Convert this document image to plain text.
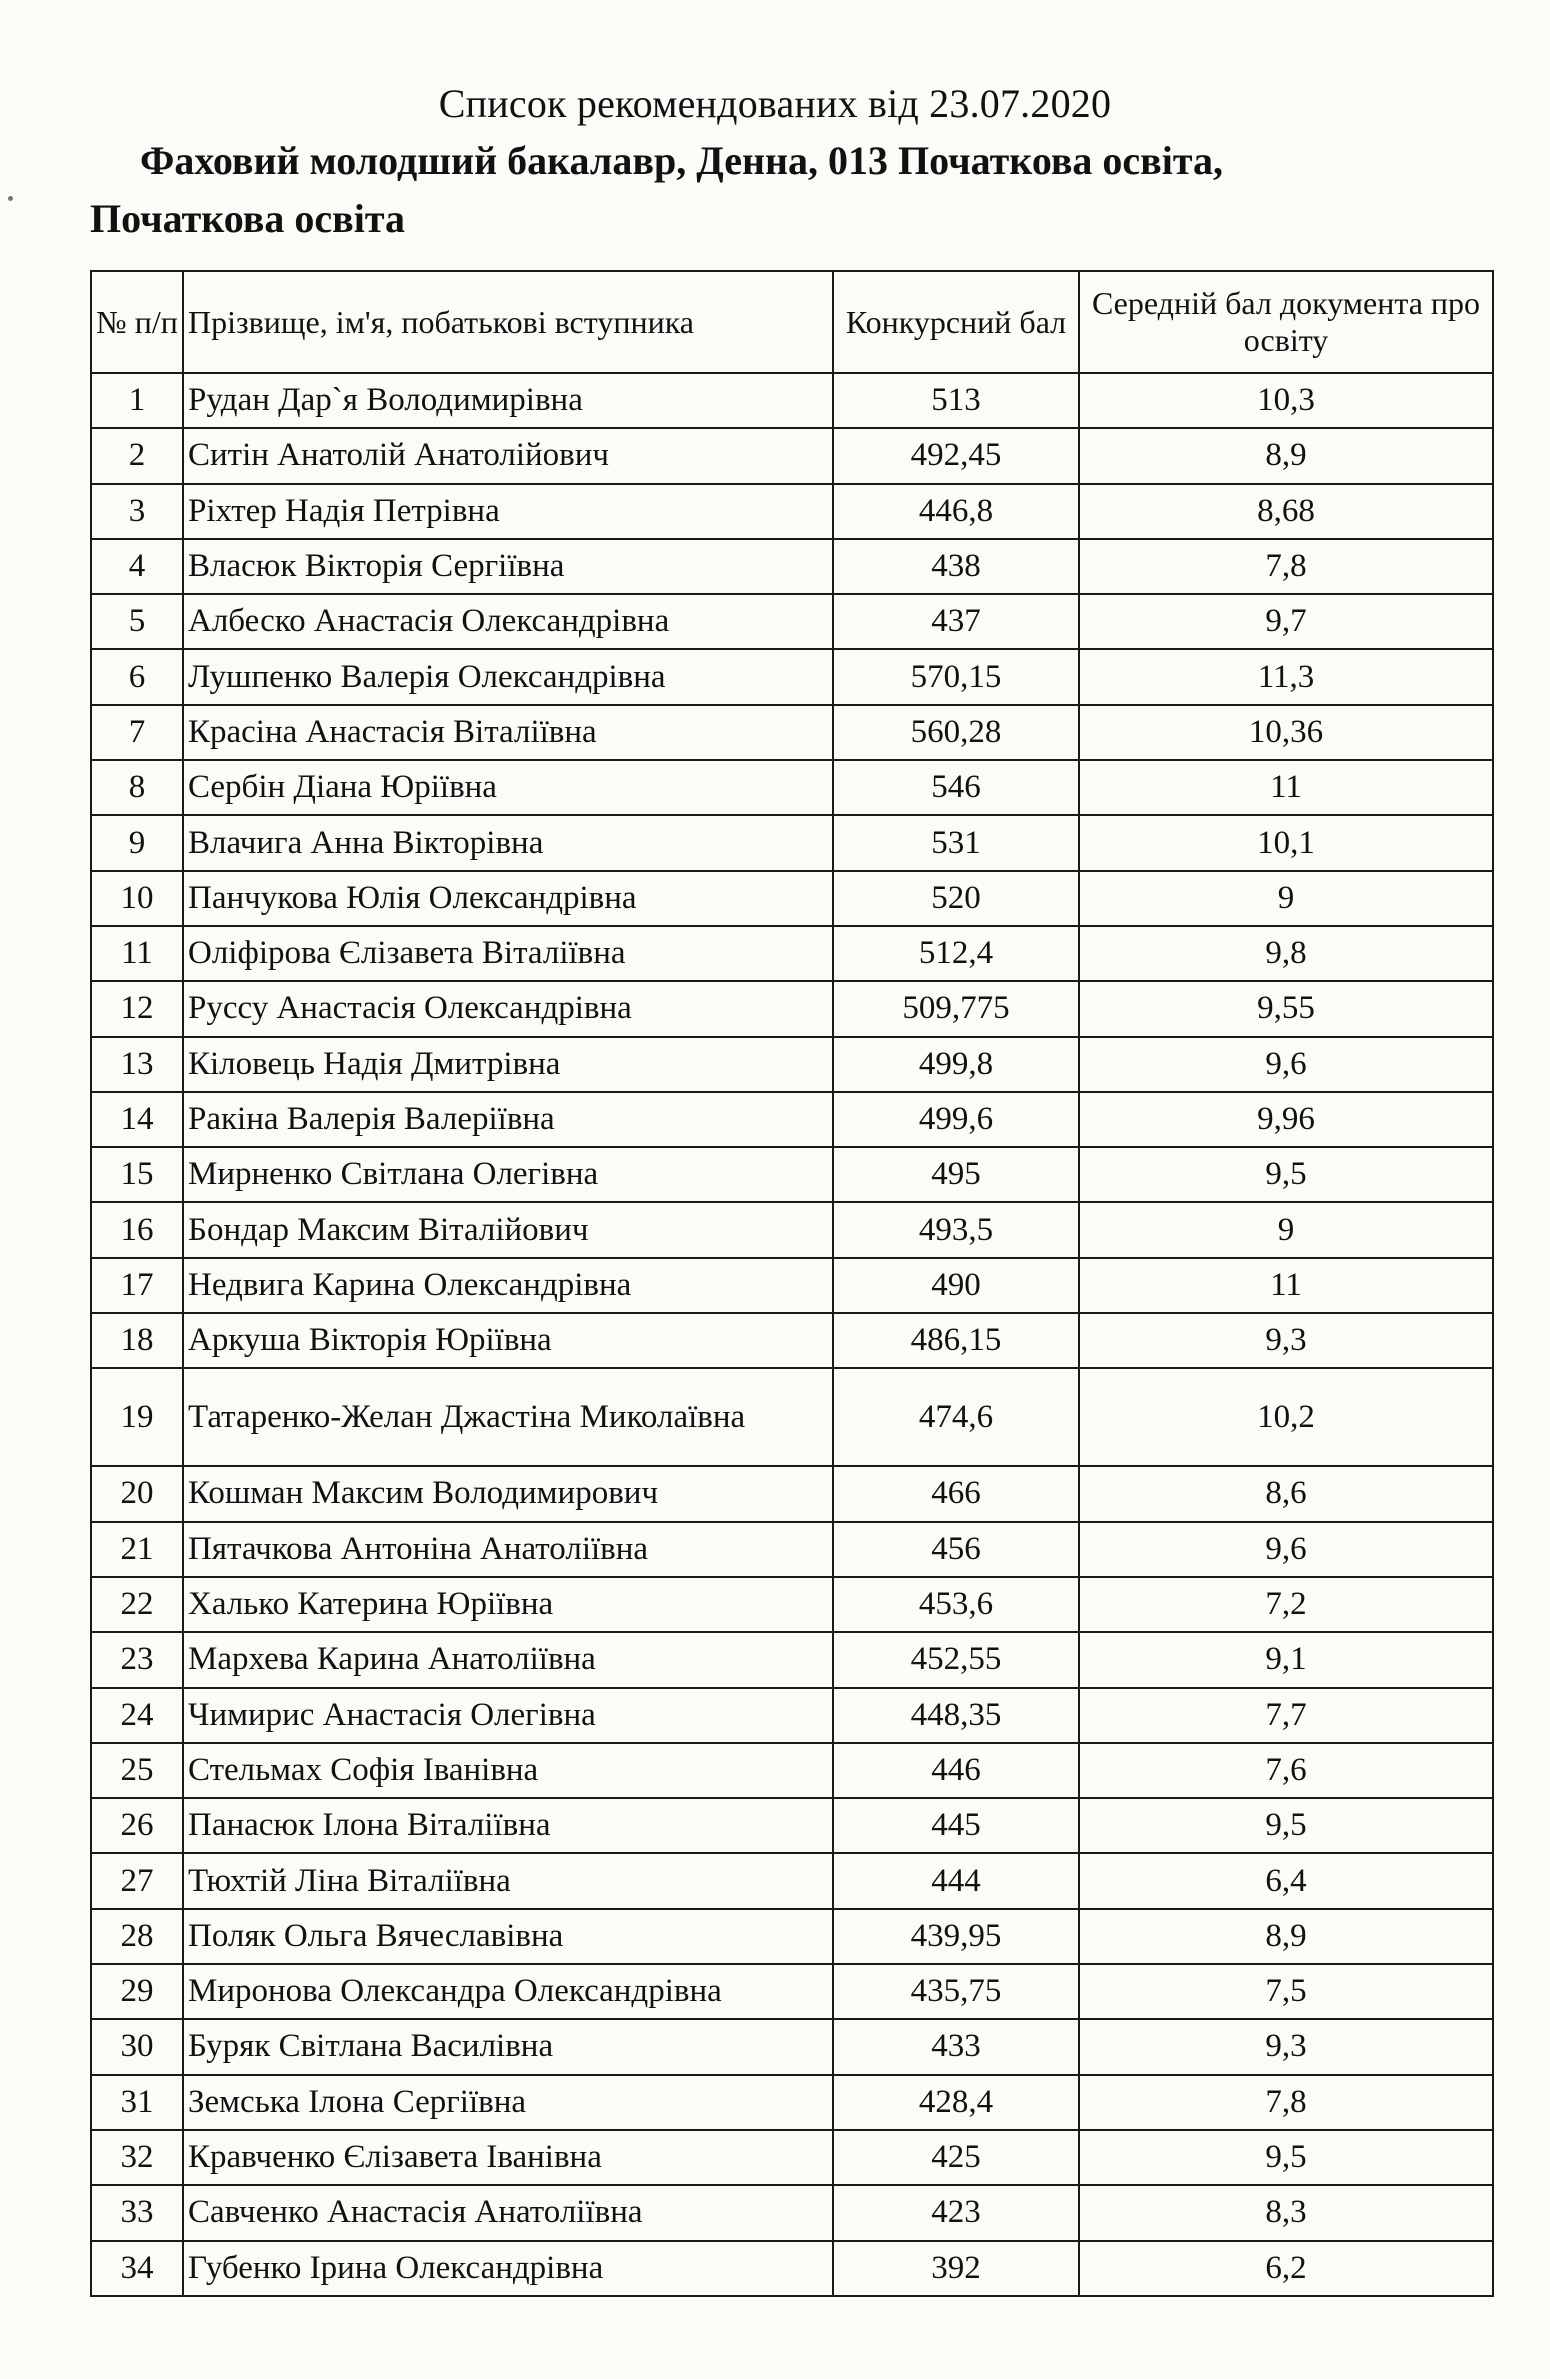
Список рекомендованих від 23.07.2020
Фаховий молодший бакалавр, Денна, 013 Початкова освіта,
Початкова освіта
№ п/п	Прізвище, ім'я, побатькові вступника	Конкурсний бал	Середній бал документа про освіту
1	Рудан Дар`я Володимирівна	513	10,3
2	Ситін Анатолій Анатолійович	492,45	8,9
3	Ріхтер Надія Петрівна	446,8	8,68
4	Власюк Вікторія Сергіївна	438	7,8
5	Албеско Анастасія Олександрівна	437	9,7
6	Лушпенко Валерія Олександрівна	570,15	11,3
7	Красіна Анастасія Віталіївна	560,28	10,36
8	Сербін Діана Юріївна	546	11
9	Влачига Анна Вікторівна	531	10,1
10	Панчукова Юлія Олександрівна	520	9
11	Оліфірова Єлізавета Віталіївна	512,4	9,8
12	Руссу Анастасія Олександрівна	509,775	9,55
13	Кіловець Надія Дмитрівна	499,8	9,6
14	Ракіна Валерія Валеріївна	499,6	9,96
15	Мирненко Світлана Олегівна	495	9,5
16	Бондар Максим Віталійович	493,5	9
17	Недвига Карина Олександрівна	490	11
18	Аркуша Вікторія Юріївна	486,15	9,3
19	Татаренко-Желан Джастіна Миколаївна	474,6	10,2
20	Кошман Максим Володимирович	466	8,6
21	Пятачкова Антоніна Анатоліївна	456	9,6
22	Халько Катерина Юріївна	453,6	7,2
23	Мархева Карина Анатоліївна	452,55	9,1
24	Чимирис Анастасія Олегівна	448,35	7,7
25	Стельмах Софія Іванівна	446	7,6
26	Панасюк Ілона Віталіївна	445	9,5
27	Тюхтій Ліна Віталіївна	444	6,4
28	Поляк Ольга Вячеславівна	439,95	8,9
29	Миронова Олександра Олександрівна	435,75	7,5
30	Буряк Світлана Василівна	433	9,3
31	Земська Ілона Сергіївна	428,4	7,8
32	Кравченко Єлізавета Іванівна	425	9,5
33	Савченко Анастасія Анатоліївна	423	8,3
34	Губенко Ірина Олександрівна	392	6,2
